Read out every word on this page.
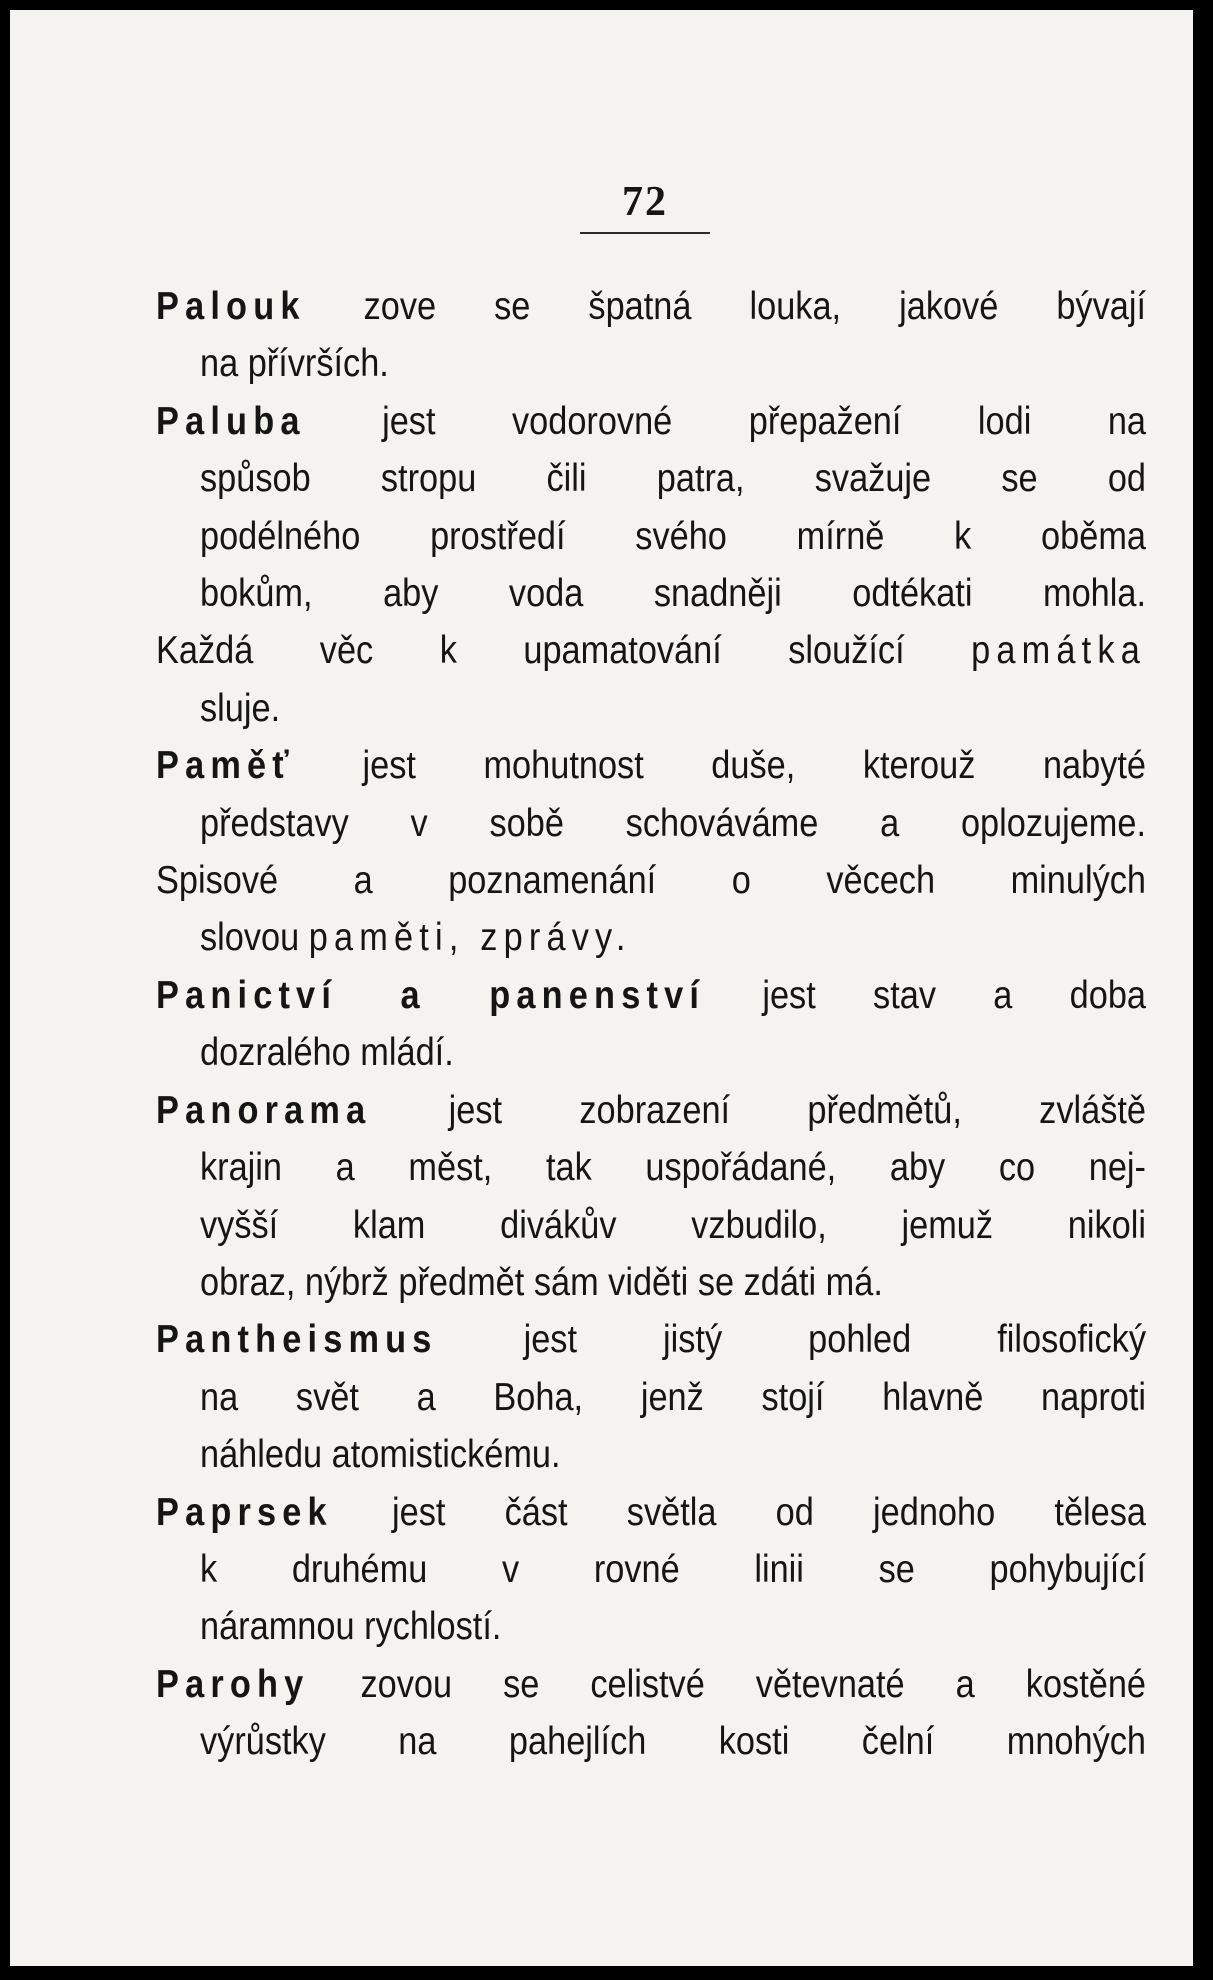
72
Palouk zove se špatná louka, jakové bývají
na přívrších.
Paluba jest vodorovné přepažení lodi na
spůsob stropu čili patra, svažuje se od
podélného prostředí svého mírně k oběma
bokům, aby voda snadněji odtékati mohla.
Každá věc k upamatování sloužící památka
sluje.
Paměť jest mohutnost duše, kterouž nabyté
představy v sobě schováváme a oplozujeme.
Spisové a poznamenání o věcech minulých
slovou paměti, zprávy.
Panictví a panenství jest stav a doba
dozralého mládí.
Panorama jest zobrazení předmětů, zvláště
krajin a měst, tak uspořádané, aby co nej-
vyšší klam divákův vzbudilo, jemuž nikoli
obraz, nýbrž předmět sám viděti se zdáti má.
Pantheismus jest jistý pohled filosofický
na svět a Boha, jenž stojí hlavně naproti
náhledu atomistickému.
Paprsek jest část světla od jednoho tělesa
k druhému v rovné linii se pohybující
náramnou rychlostí.
Parohy zovou se celistvé větevnaté a kostěné
výrůstky na pahejlích kosti čelní mnohých
